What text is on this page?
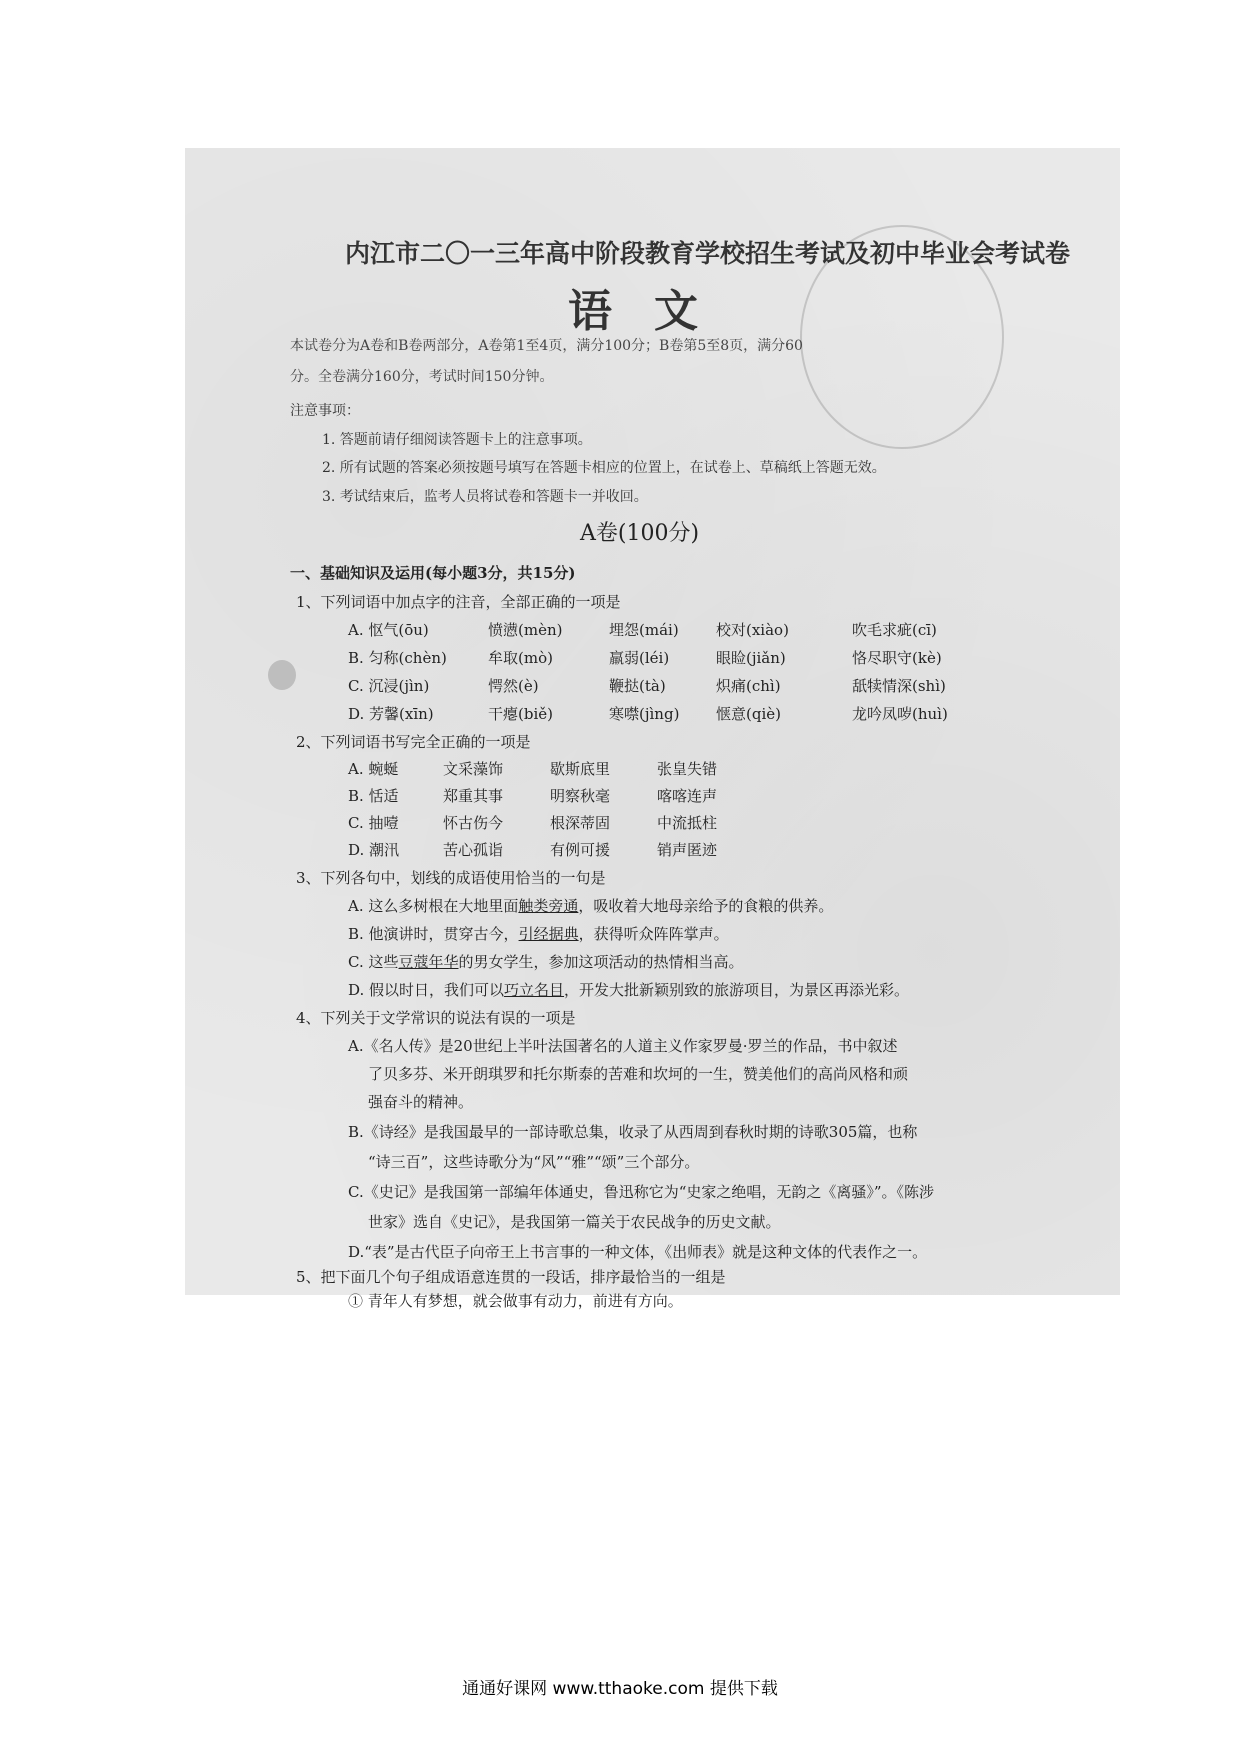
内江市二〇一三年高中阶段教育学校招生考试及初中毕业会考试卷
语文
本试卷分为A卷和B卷两部分，A卷第1至4页，满分100分；B卷第5至8页，满分60
分。全卷满分160分，考试时间150分钟。
注意事项：
1. 答题前请仔细阅读答题卡上的注意事项。
2. 所有试题的答案必须按题号填写在答题卡相应的位置上，在试卷上、草稿纸上答题无效。
3. 考试结束后，监考人员将试卷和答题卡一并收回。
A卷(100分)
一、基础知识及运用(每小题3分，共15分)
1、下列词语中加点字的注音，全部正确的一项是
A. 怄气(ōu)	愤懑(mèn)	埋怨(mái) 校对(xiào)	吹毛求疵(cī)
B. 匀称(chèn)	牟取(mò)	羸弱(léi)	眼睑(jiǎn)	恪尽职守(kè)
C. 沉浸(jìn)	愕然(è)	鞭挞(tà)	炽痛(chì)	舐犊情深(shì)
D. 芳馨(xīn)	干瘪(biě)	寒噤(jìng) 惬意(qiè)	龙吟凤哕(huì)
2、下列词语书写完全正确的一项是
A. 蜿蜒	文采藻饰	歇斯底里	张皇失错
B. 恬适	郑重其事	明察秋毫	喀喀连声
C. 抽噎	怀古伤今	根深蒂固	中流抵柱
D. 潮汛	苦心孤诣	有例可援	销声匿迹
3、下列各句中，划线的成语使用恰当的一句是
A. 这么多树根在大地里面触类旁通，吸收着大地母亲给予的食粮的供养。
B. 他演讲时，贯穿古今，引经据典，获得听众阵阵掌声。
C. 这些豆蔻年华的男女学生，参加这项活动的热情相当高。
D. 假以时日，我们可以巧立名目，开发大批新颖别致的旅游项目，为景区再添光彩。
4、下列关于文学常识的说法有误的一项是
A.《名人传》是20世纪上半叶法国著名的人道主义作家罗曼·罗兰的作品，书中叙述
了贝多芬、米开朗琪罗和托尔斯泰的苦难和坎坷的一生，赞美他们的高尚风格和顽
强奋斗的精神。
B.《诗经》是我国最早的一部诗歌总集，收录了从西周到春秋时期的诗歌305篇，也称
“诗三百”，这些诗歌分为“风”“雅”“颂”三个部分。
C.《史记》是我国第一部编年体通史，鲁迅称它为“史家之绝唱，无韵之《离骚》”。《陈涉
世家》选自《史记》，是我国第一篇关于农民战争的历史文献。
D.“表”是古代臣子向帝王上书言事的一种文体，《出师表》就是这种文体的代表作之一。
5、把下面几个句子组成语意连贯的一段话，排序最恰当的一组是
① 青年人有梦想，就会做事有动力，前进有方向。
通通好课网 www.tthaoke.com 提供下载
